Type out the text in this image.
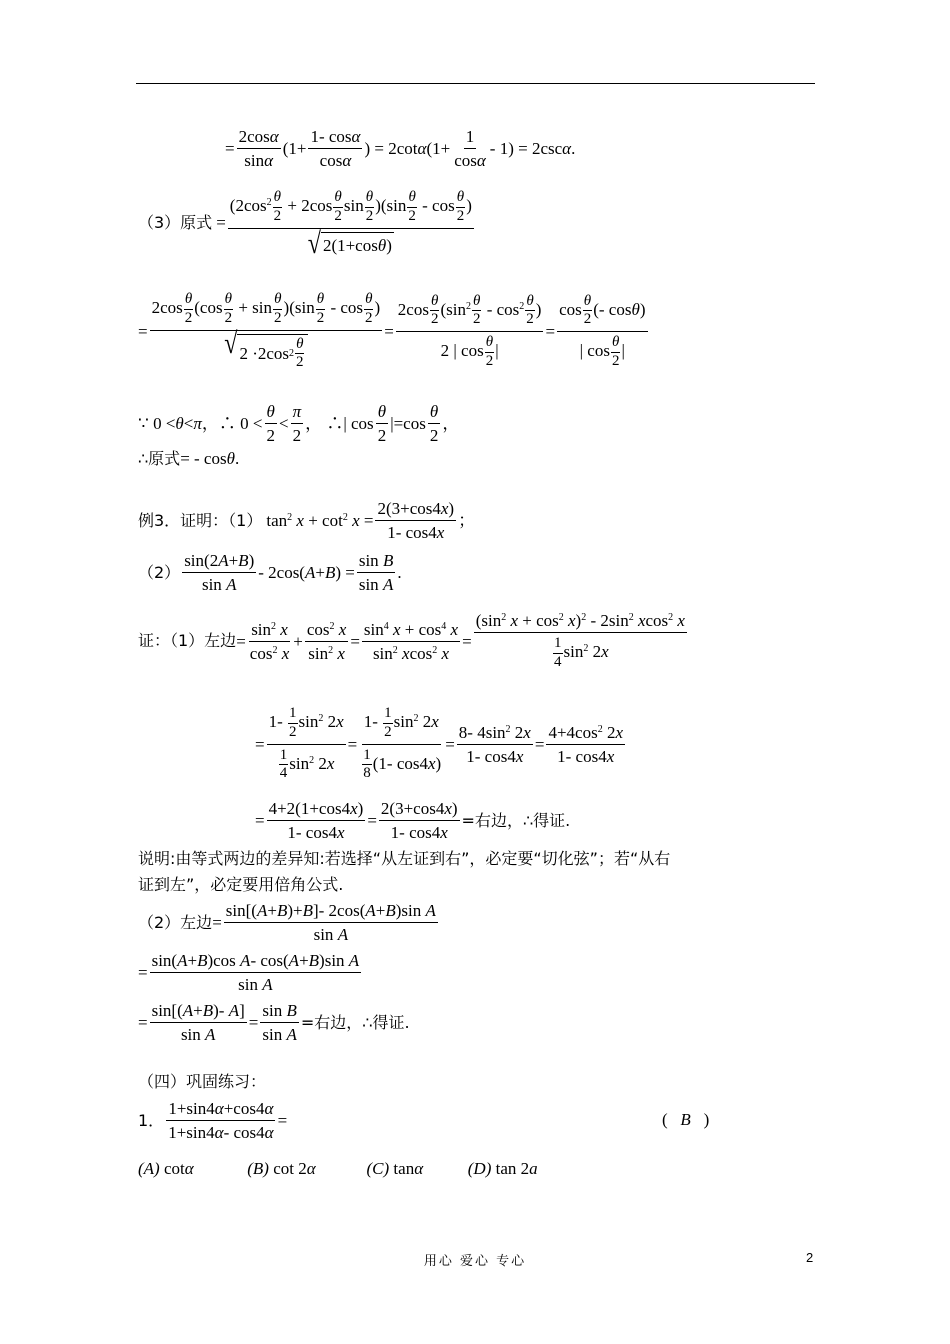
= $\frac{2\cos\alpha}{\sin\alpha} (1+ \frac{1- \cos\alpha}{\cos\alpha}$ ) = 2cot α $(1+ \frac{1}{\cos\alpha} - 1) = 2\csc$ α .
（3）原式 = $\frac{(2\cos^2 \frac{\theta}{2} + 2\cos \frac{\theta}{2} \sin \frac{\theta}{2} )(\sin \frac{\theta}{2} - \cos \frac{\theta}{2} )}{\text{√ 2(1+cos θ )}}$
= $2\cos \frac{\theta}{2} (\cos \frac{\theta}{2} + \sin \frac{\theta}{2} )(\sin \frac{\theta}{2} - \cos \frac{\theta}{2}$ )
√ 2 ·2cos 2
θ
$2 = \frac{2\cos \frac{\theta}{2} (\sin^2 \frac{\theta}{2} - \cos^2 \frac{\theta}{2} )}{2 | \cos \frac{\theta}{2} |} = \frac{\cos \frac{\theta}{2} (- \cos\theta)}{| \cos \frac{\theta}{2} |}$
∵ 0 < θ < π ，∴ $0 < \frac{\theta}{2} < \frac{\pi}{2}$ ， ∴| $\cos \frac{\theta}{2} |=\cos \frac{\theta}{2}$ ，
∴原式 = - cos θ .
例3．证明：（1） $\tan^2 x + \cot^2 x = \frac{2(3+\cos 4x)}{1- \cos 4x}$ ；
$(2) \frac{\sin(2A+B)}{\text{sin A}} - 2\cos$( A + B ) = $\frac{\text{sin B}}{\text{sin A}}$ .
证：（1）左边 = $\frac{\sin^2 x}{\cos^2 x} + \frac{\cos^2 x}{\sin^2 x} = \frac{\sin^4 x + \cos^4 x}{\sin^2 xcos^2 x} = \frac{(\sin^2 x + \cos^2 x)^2 - 2\sin^2 xcos^2 x}{\frac{1}{4} \sin^2 2x}$
= $\frac{1- \frac{1}{2} \sin^2 2x}{\frac{1}{4} \sin^2 2x} = \frac{1- \frac{1}{2} \sin^2 2x}{\frac{1}{8} (1- \cos 4x)} = \frac{8- 4\sin^2 2x}{1- \cos 4x} = \frac{4+4\cos^2 2x}{1- \cos 4x}$
= $\frac{4+2(1+\cos 4x)}{1- \cos 4x} = \frac{2(3+\cos 4x)}{1- \cos 4x}$ =右边，∴得证.
说明:由等式两边的差异知:若选择“从左证到右”，必定要“切化弦”；若“从右
证到左”，必定要用倍角公式.
（2）左边 = $\frac{\text{sin[(A+B)+B]- 2cos(A+B)sin A}}{\text{sin A}}$
= $\frac{\text{sin(A+B)cos A- cos(A+B)sin A}}{\text{sin A}}$
= $\frac{\sin[(A+B)- A]}{\text{sin A}} = \frac{\text{sin B}}{\text{sin A}}$ =右边，∴得证.
（四）巩固练习：
1． $\frac{1+\sin 4\alpha+\cos 4\alpha}{1+\sin 4\alpha- \cos 4\alpha}$ =	(   B   )
(A) cotα	(B) cot 2α	(C) tanα	(D) tan 2a
用心 爱心 专心	2
